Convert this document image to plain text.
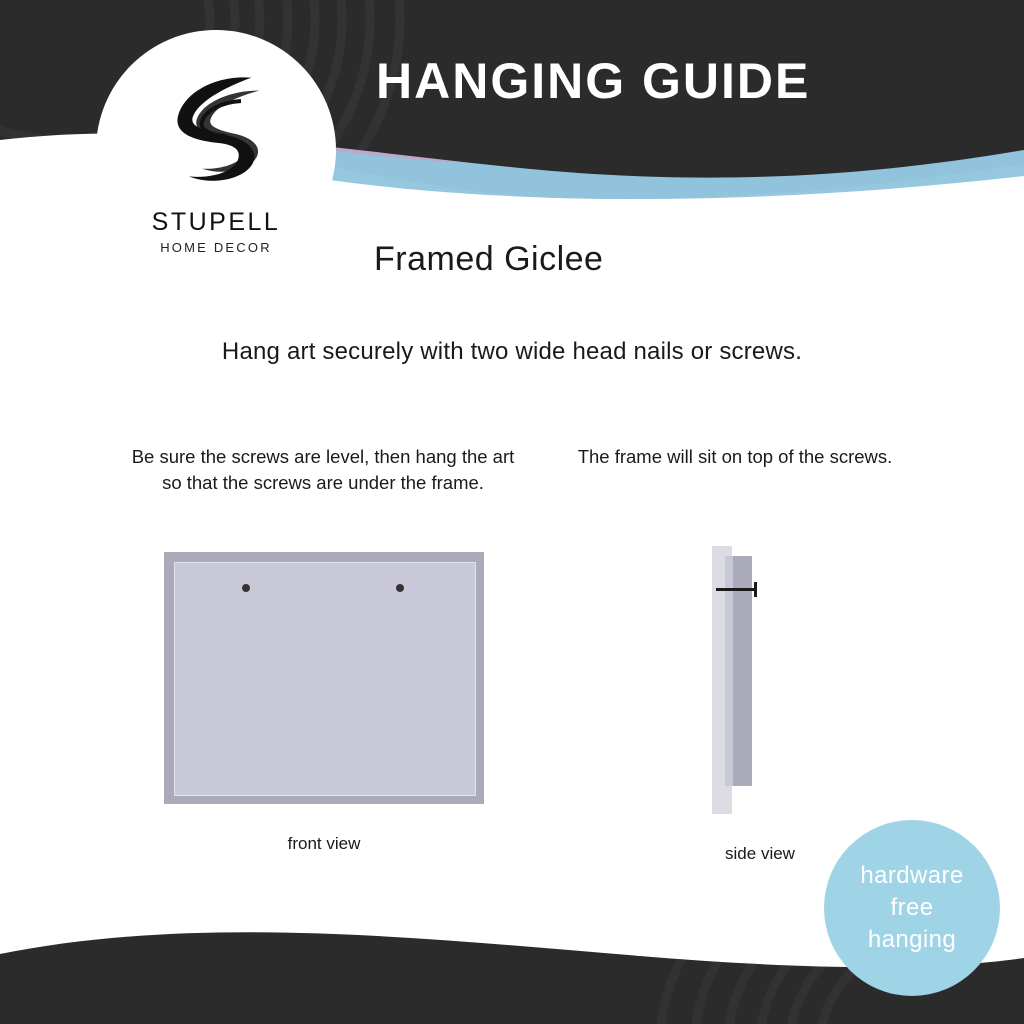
HANGING GUIDE
STUPELL
HOME DECOR	Framed Giclee
Hang art securely with two wide head nails or screws.
Be sure the screws are level, then hang the art so that the screws are under the frame.
front view
The frame will sit on top of the screws.
side view
hardware
free
hanging
